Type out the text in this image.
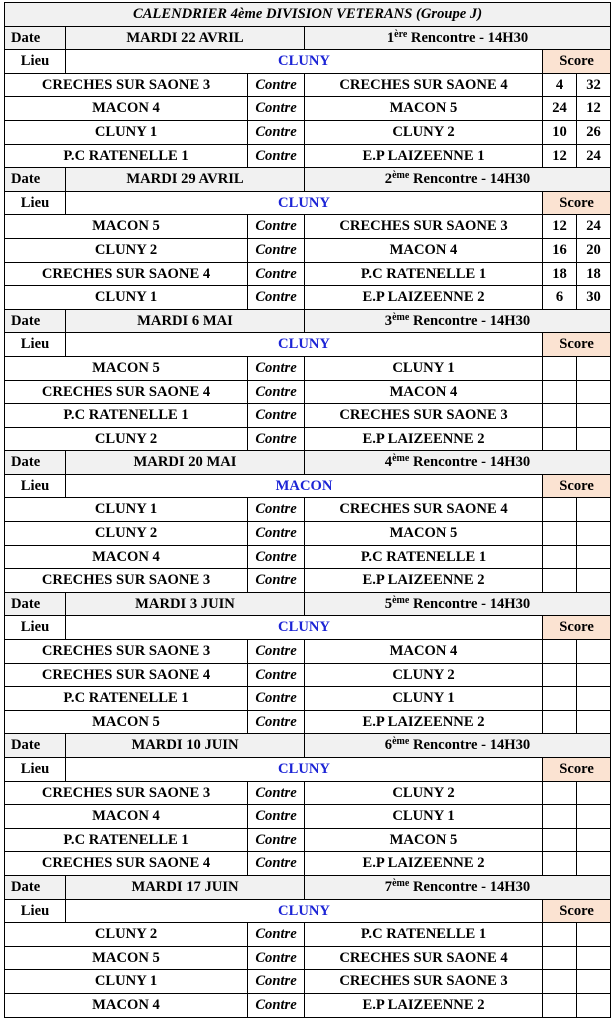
CALENDRIER 4ème DIVISION VETERANS (Groupe J)					
Date	MARDI 22 AVRIL		1ère Rencontre - 14H30		
Lieu	CLUNY			Score	
CRECHES SUR SAONE 3		Contre	CRECHES SUR SAONE 4	4	32
MACON 4		Contre	MACON 5	24	12
CLUNY 1		Contre	CLUNY 2	10	26
P.C RATENELLE 1		Contre	E.P LAIZEENNE 1	12	24
Date	MARDI 29 AVRIL		2ème Rencontre - 14H30		
Lieu	CLUNY			Score	
MACON 5		Contre	CRECHES SUR SAONE 3	12	24
CLUNY 2		Contre	MACON 4	16	20
CRECHES SUR SAONE 4		Contre	P.C RATENELLE 1	18	18
CLUNY 1		Contre	E.P LAIZEENNE 2	6	30
Date	MARDI 6 MAI		3ème Rencontre - 14H30		
Lieu	CLUNY			Score	
MACON 5		Contre	CLUNY 1		
CRECHES SUR SAONE 4		Contre	MACON 4		
P.C RATENELLE 1		Contre	CRECHES SUR SAONE 3		
CLUNY 2		Contre	E.P LAIZEENNE 2		
Date	MARDI 20 MAI		4ème Rencontre - 14H30		
Lieu	MACON			Score	
CLUNY 1		Contre	CRECHES SUR SAONE 4		
CLUNY 2		Contre	MACON 5		
MACON 4		Contre	P.C RATENELLE 1		
CRECHES SUR SAONE 3		Contre	E.P LAIZEENNE 2		
Date	MARDI 3 JUIN		5ème Rencontre - 14H30		
Lieu	CLUNY			Score	
CRECHES SUR SAONE 3		Contre	MACON 4		
CRECHES SUR SAONE 4		Contre	CLUNY 2		
P.C RATENELLE 1		Contre	CLUNY 1		
MACON 5		Contre	E.P LAIZEENNE 2		
Date	MARDI 10 JUIN		6ème Rencontre - 14H30		
Lieu	CLUNY			Score	
CRECHES SUR SAONE 3		Contre	CLUNY 2		
MACON 4		Contre	CLUNY 1		
P.C RATENELLE 1		Contre	MACON 5		
CRECHES SUR SAONE 4		Contre	E.P LAIZEENNE 2		
Date	MARDI 17 JUIN		7ème Rencontre - 14H30		
Lieu	CLUNY			Score	
CLUNY 2		Contre	P.C RATENELLE 1		
MACON 5		Contre	CRECHES SUR SAONE 4		
CLUNY 1		Contre	CRECHES SUR SAONE 3		
MACON 4		Contre	E.P LAIZEENNE 2		
